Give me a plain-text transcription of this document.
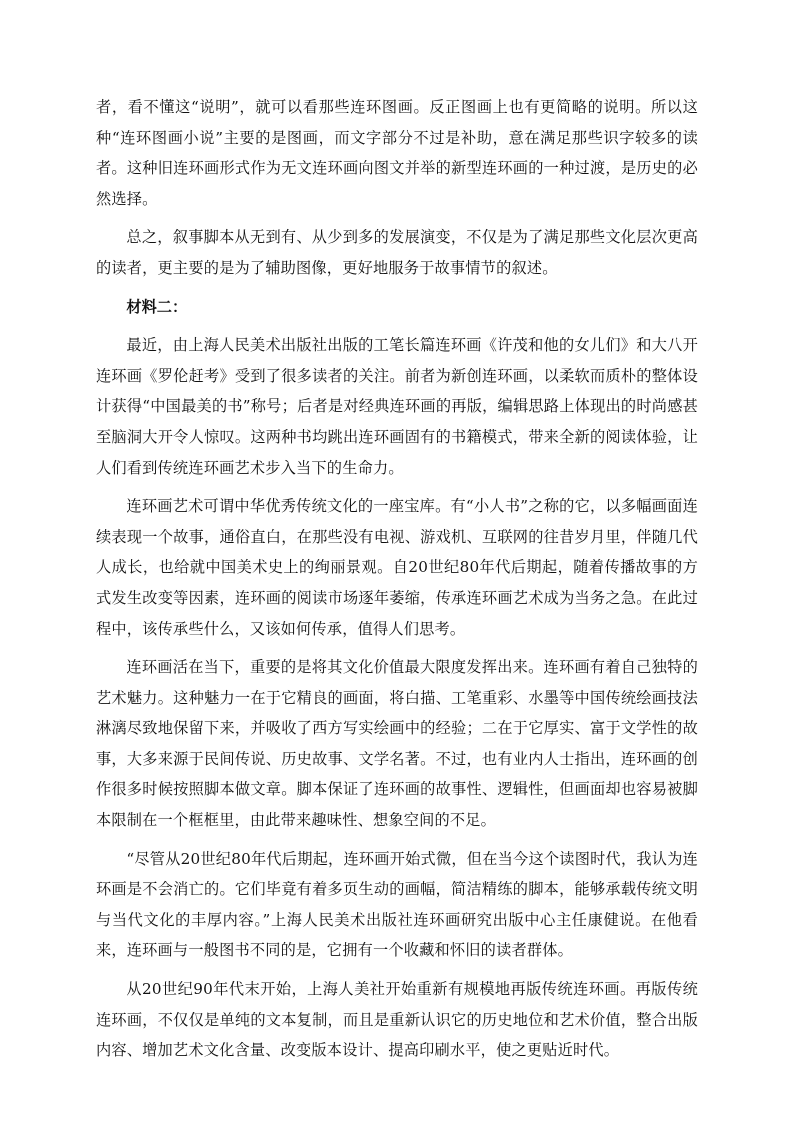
者，看不懂这“说明”，就可以看那些连环图画。反正图画上也有更简略的说明。所以这种“连环图画小说”主要的是图画，而文字部分不过是补助，意在满足那些识字较多的读者。这种旧连环画形式作为无文连环画向图文并举的新型连环画的一种过渡，是历史的必然选择。

总之，叙事脚本从无到有、从少到多的发展演变，不仅是为了满足那些文化层次更高的读者，更主要的是为了辅助图像，更好地服务于故事情节的叙述。

材料二：

最近，由上海人民美术出版社出版的工笔长篇连环画《许茂和他的女儿们》和大八开连环画《罗伦赶考》受到了很多读者的关注。前者为新创连环画，以柔软而质朴的整体设计获得“中国最美的书”称号；后者是对经典连环画的再版，编辑思路上体现出的时尚感甚至脑洞大开令人惊叹。这两种书均跳出连环画固有的书籍模式，带来全新的阅读体验，让人们看到传统连环画艺术步入当下的生命力。

连环画艺术可谓中华优秀传统文化的一座宝库。有“小人书”之称的它，以多幅画面连续表现一个故事，通俗直白，在那些没有电视、游戏机、互联网的往昔岁月里，伴随几代人成长，也给就中国美术史上的绚丽景观。自20世纪80年代后期起，随着传播故事的方式发生改变等因素，连环画的阅读市场逐年萎缩，传承连环画艺术成为当务之急。在此过程中，该传承些什么，又该如何传承，值得人们思考。

连环画活在当下，重要的是将其文化价值最大限度发挥出来。连环画有着自己独特的艺术魅力。这种魅力一在于它精良的画面，将白描、工笔重彩、水墨等中国传统绘画技法淋漓尽致地保留下来，并吸收了西方写实绘画中的经验；二在于它厚实、富于文学性的故事，大多来源于民间传说、历史故事、文学名著。不过，也有业内人士指出，连环画的创作很多时候按照脚本做文章。脚本保证了连环画的故事性、逻辑性，但画面却也容易被脚本限制在一个框框里，由此带来趣味性、想象空间的不足。

“尽管从20世纪80年代后期起，连环画开始式微，但在当今这个读图时代，我认为连环画是不会消亡的。它们毕竟有着多页生动的画幅，简洁精练的脚本，能够承载传统文明与当代文化的丰厚内容。”上海人民美术出版社连环画研究出版中心主任康健说。在他看来，连环画与一般图书不同的是，它拥有一个收藏和怀旧的读者群体。

从20世纪90年代末开始，上海人美社开始重新有规模地再版传统连环画。再版传统连环画，不仅仅是单纯的文本复制，而且是重新认识它的历史地位和艺术价值，整合出版内容、增加艺术文化含量、改变版本设计、提高印刷水平，使之更贴近时代。
